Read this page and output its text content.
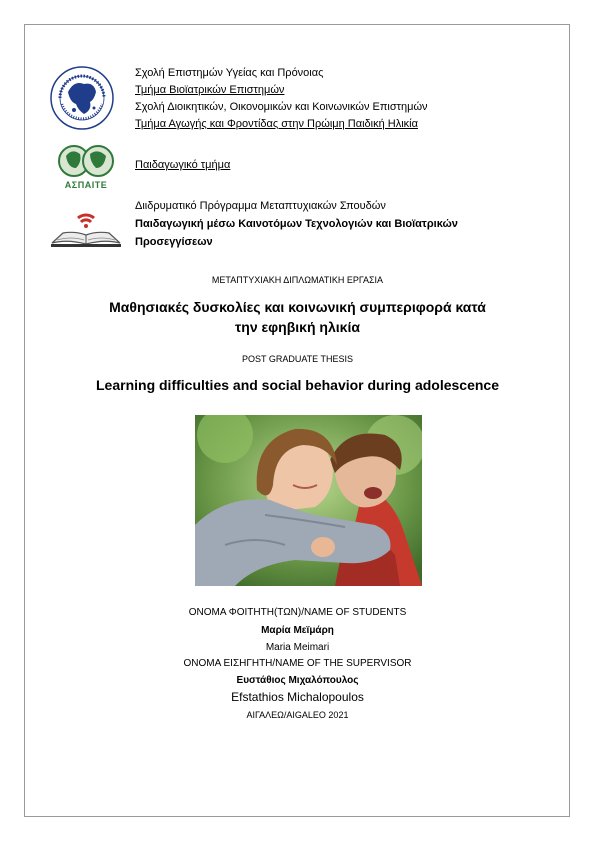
Σχολή Επιστημών Υγείας και Πρόνοιας
Τμήμα Βιοϊατρικών Επιστημών
Σχολή Διοικητικών, Οικονομικών και Κοινωνικών Επιστημών
Τμήμα Αγωγής και Φροντίδας στην Πρώιμη Παιδική Ηλικία
ΑΣΠΑΙΤΕ
Παιδαγωγικό τμήμα
Διιδρυματικό Πρόγραμμα Μεταπτυχιακών Σπουδών
Παιδαγωγική μέσω Καινοτόμων Τεχνολογιών και Βιοϊατρικών
Προσεγγίσεων
ΜΕΤΑΠΤΥΧΙΑΚΗ ΔΙΠΛΩΜΑΤΙΚΗ ΕΡΓΑΣΙΑ
Μαθησιακές δυσκολίες και κοινωνική συμπεριφορά κατά
την εφηβική ηλικία
POST GRADUATE THESIS
Learning difficulties and social behavior during adolescence
ΟΝΟΜΑ ΦΟΙΤΗΤΗ(ΤΩΝ)/NAME OF STUDENTS
Μαρία Μεϊμάρη
Maria Meimari
ΟΝΟΜΑ ΕΙΣΗΓΗΤΗ/NAME OF THE SUPERVISOR
Ευστάθιος Μιχαλόπουλος
Efstathios Michalopoulos
ΑΙΓΑΛΕΩ/AIGALEO 2021
